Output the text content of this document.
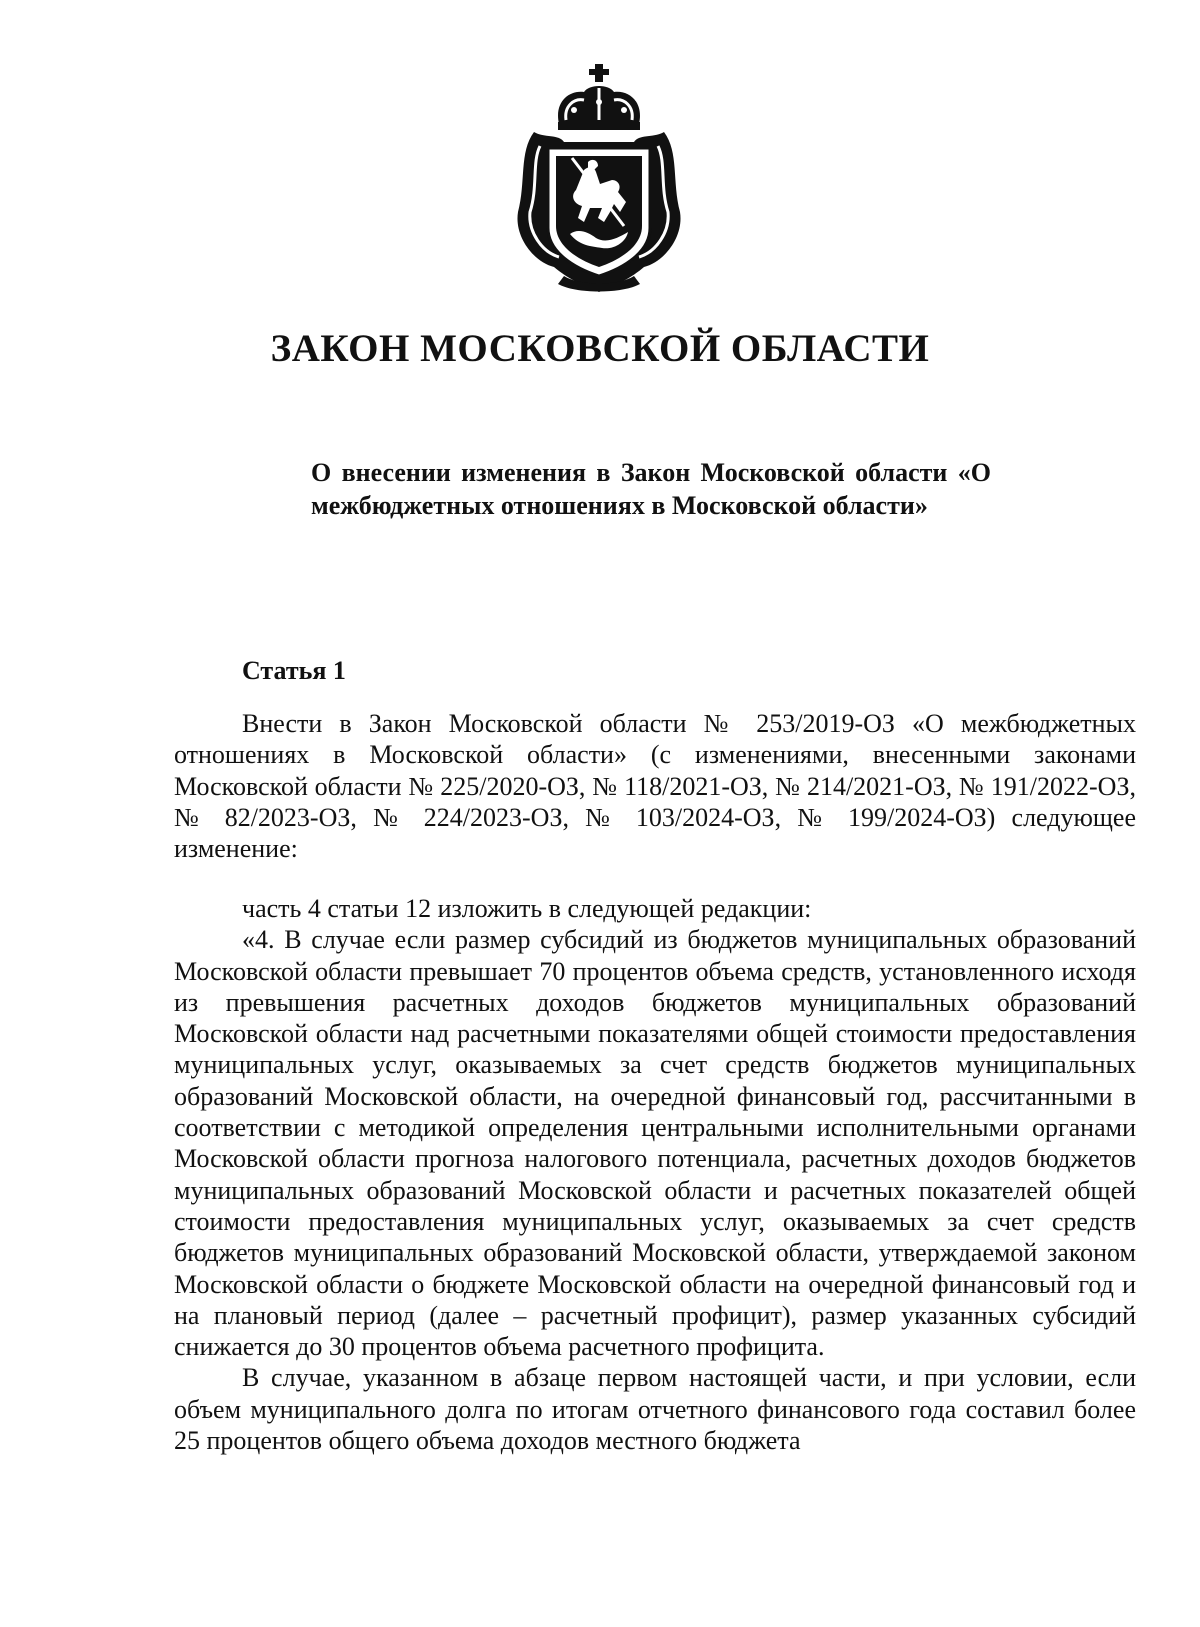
ЗАКОН МОСКОВСКОЙ ОБЛАСТИ
О внесении изменения в Закон Московской области «О межбюджетных отношениях в Московской области»
Статья 1

Внести в Закон Московской области № 253/2019-ОЗ «О межбюджетных отношениях в Московской области» (с изменениями, внесенными законами Московской области № 225/2020-ОЗ, № 118/2021-ОЗ, № 214/2021-ОЗ, № 191/2022-ОЗ, № 82/2023-ОЗ, № 224/2023-ОЗ, № 103/2024-ОЗ, № 199/2024-ОЗ) следующее изменение:

часть 4 статьи 12 изложить в следующей редакции:

«4. В случае если размер субсидий из бюджетов муниципальных образований Московской области превышает 70 процентов объема средств, установленного исходя из превышения расчетных доходов бюджетов муниципальных образований Московской области над расчетными показателями общей стоимости предоставления муниципальных услуг, оказываемых за счет средств бюджетов муниципальных образований Московской области, на очередной финансовый год, рассчитанными в соответствии с методикой определения центральными исполнительными органами Московской области прогноза налогового потенциала, расчетных доходов бюджетов муниципальных образований Московской области и расчетных показателей общей стоимости предоставления муниципальных услуг, оказываемых за счет средств бюджетов муниципальных образований Московской области, утверждаемой законом Московской области о бюджете Московской области на очередной финансовый год и на плановый период (далее – расчетный профицит), размер указанных субсидий снижается до 30 процентов объема расчетного профицита.

В случае, указанном в абзаце первом настоящей части, и при условии, если объем муниципального долга по итогам отчетного финансового года составил более 25 процентов общего объема доходов местного бюджета
